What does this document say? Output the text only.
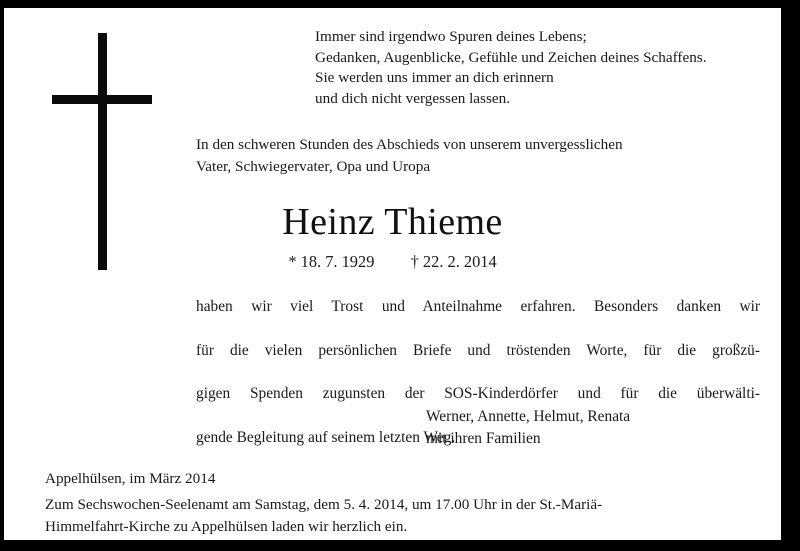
Immer sind irgendwo Spuren deines Lebens;
Gedanken, Augenblicke, Gefühle und Zeichen deines Schaffens.
Sie werden uns immer an dich erinnern
und dich nicht vergessen lassen.
In den schweren Stunden des Abschieds von unserem unvergesslichen
Vater, Schwiegervater, Opa und Uropa
Heinz Thieme
* 18. 7. 1929 † 22. 2. 2014
haben wir viel Trost und Anteilnahme erfahren. Besonders danken wir
für die vielen persönlichen Briefe und tröstenden Worte, für die großzü-
gigen Spenden zugunsten der SOS-Kinderdörfer und für die überwälti-
gende Begleitung auf seinem letzten Weg.
Werner, Annette, Helmut, Renata
mit ihren Familien
Appelhülsen, im März 2014
Zum Sechswochen-Seelenamt am Samstag, dem 5. 4. 2014, um 17.00 Uhr in der St.-Mariä-
Himmelfahrt-Kirche zu Appelhülsen laden wir herzlich ein.
